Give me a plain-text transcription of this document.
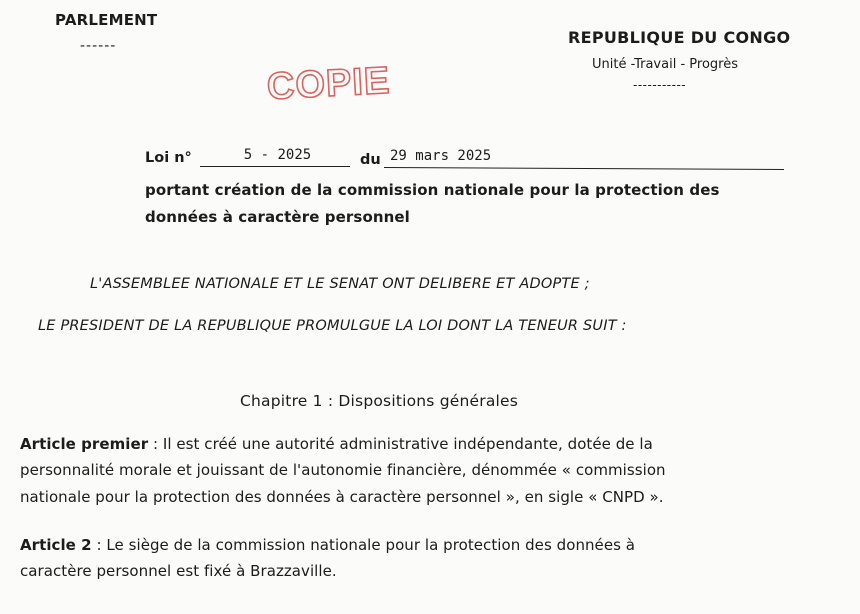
PARLEMENT
------	REPUBLIQUE DU CONGO
Unité -Travail - Progrès
-----------
COPIE
Loi n°	5 - 2025	du 29 mars 2025
portant création de la commission nationale pour la protection des
données à caractère personnel
L'ASSEMBLEE NATIONALE ET LE SENAT ONT DELIBERE ET ADOPTE ;
LE PRESIDENT DE LA REPUBLIQUE PROMULGUE LA LOI DONT LA TENEUR SUIT :
Chapitre 1 : Dispositions générales
Article premier : Il est créé une autorité administrative indépendante, dotée de la
personnalité morale et jouissant de l'autonomie financière, dénommée « commission
nationale pour la protection des données à caractère personnel », en sigle « CNPD ».
Article 2 : Le siège de la commission nationale pour la protection des données à
caractère personnel est fixé à Brazzaville.
